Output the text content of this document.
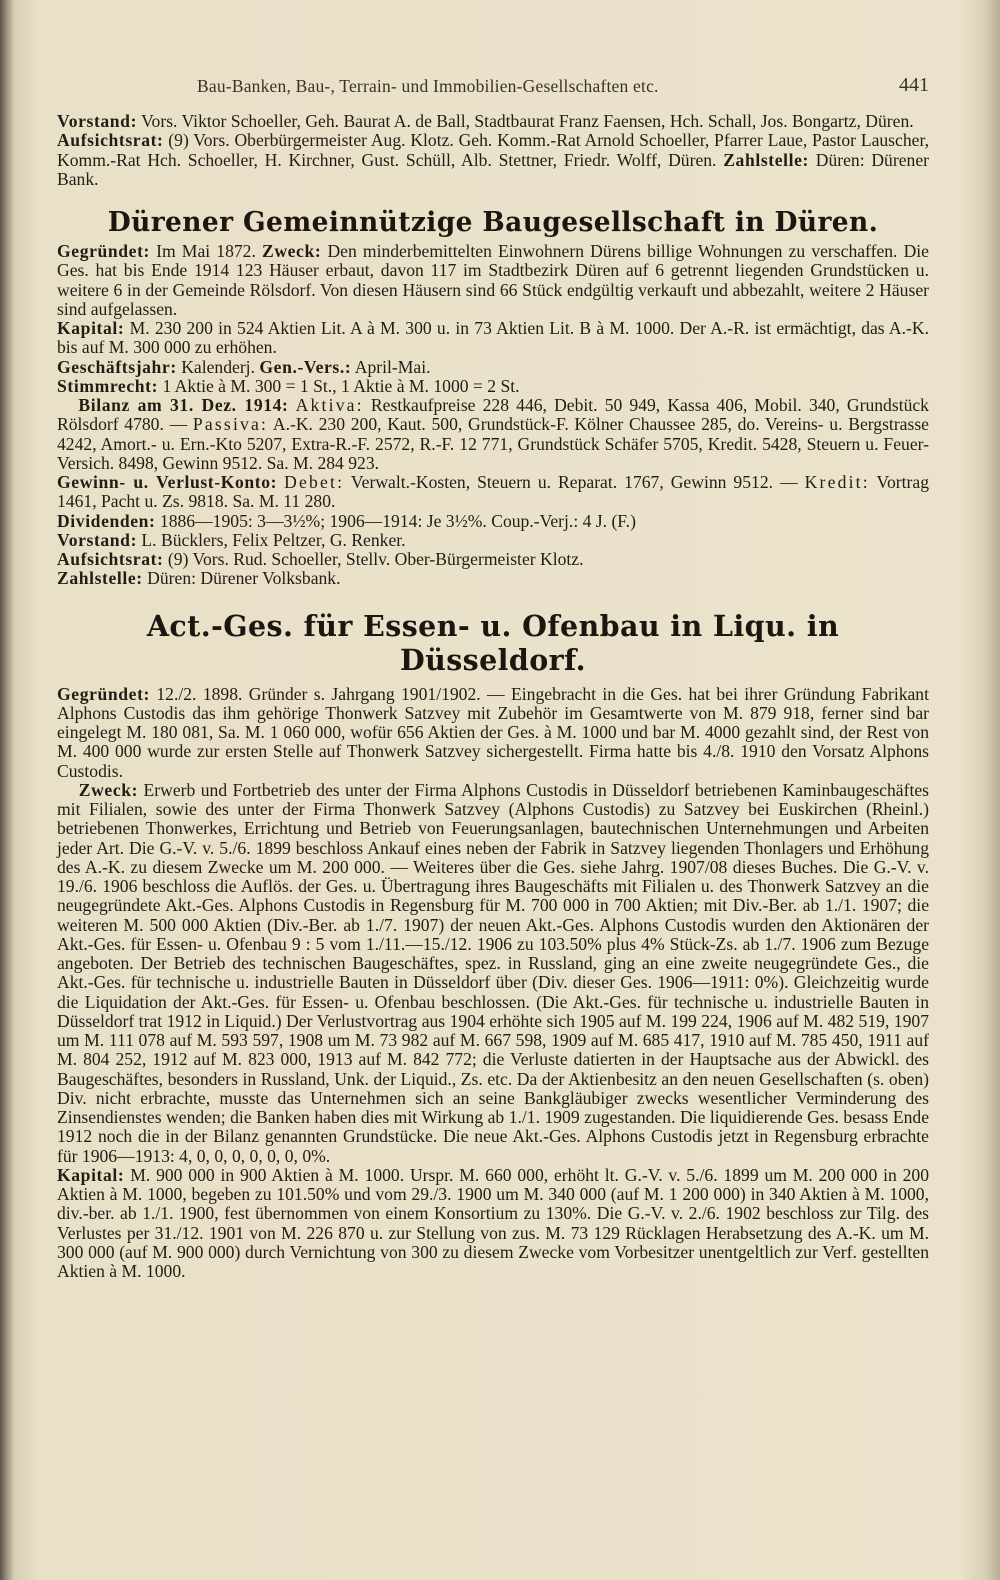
Bau-Banken, Bau-, Terrain- und Immobilien-Gesellschaften etc.	441

Vorstand: Vors. Viktor Schoeller, Geh. Baurat A. de Ball, Stadtbaurat Franz Faensen, Hch. Schall, Jos. Bongartz, Düren.

Aufsichtsrat: (9) Vors. Oberbürgermeister Aug. Klotz. Geh. Komm.-Rat Arnold Schoeller, Pfarrer Laue, Pastor Lauscher, Komm.-Rat Hch. Schoeller, H. Kirchner, Gust. Schüll, Alb. Stettner, Friedr. Wolff, Düren. Zahlstelle: Düren: Dürener Bank.

Dürener Gemeinnützige Baugesellschaft in Düren.

Gegründet: Im Mai 1872. Zweck: Den minderbemittelten Einwohnern Dürens billige Wohnungen zu verschaffen. Die Ges. hat bis Ende 1914 123 Häuser erbaut, davon 117 im Stadtbezirk Düren auf 6 getrennt liegenden Grundstücken u. weitere 6 in der Gemeinde Rölsdorf. Von diesen Häusern sind 66 Stück endgültig verkauft und abbezahlt, weitere 2 Häuser sind aufgelassen.

Kapital: M. 230 200 in 524 Aktien Lit. A à M. 300 u. in 73 Aktien Lit. B à M. 1000. Der A.-R. ist ermächtigt, das A.-K. bis auf M. 300 000 zu erhöhen.

Geschäftsjahr: Kalenderj. Gen.-Vers.: April-Mai.

Stimmrecht: 1 Aktie à M. 300 = 1 St., 1 Aktie à M. 1000 = 2 St.

Bilanz am 31. Dez. 1914: Aktiva: Restkaufpreise 228 446, Debit. 50 949, Kassa 406, Mobil. 340, Grundstück Rölsdorf 4780. — Passiva: A.-K. 230 200, Kaut. 500, Grundstück-F. Kölner Chaussee 285, do. Vereins- u. Bergstrasse 4242, Amort.- u. Ern.-Kto 5207, Extra-R.-F. 2572, R.-F. 12 771, Grundstück Schäfer 5705, Kredit. 5428, Steuern u. Feuer-Versich. 8498, Gewinn 9512. Sa. M. 284 923.

Gewinn- u. Verlust-Konto: Debet: Verwalt.-Kosten, Steuern u. Reparat. 1767, Gewinn 9512. — Kredit: Vortrag 1461, Pacht u. Zs. 9818. Sa. M. 11 280.

Dividenden: 1886—1905: 3—3½%; 1906—1914: Je 3½%. Coup.-Verj.: 4 J. (F.)

Vorstand: L. Bücklers, Felix Peltzer, G. Renker.

Aufsichtsrat: (9) Vors. Rud. Schoeller, Stellv. Ober-Bürgermeister Klotz.

Zahlstelle: Düren: Dürener Volksbank.

Act.-Ges. für Essen- u. Ofenbau in Liqu. in Düsseldorf.

Gegründet: 12./2. 1898. Gründer s. Jahrgang 1901/1902. — Eingebracht in die Ges. hat bei ihrer Gründung Fabrikant Alphons Custodis das ihm gehörige Thonwerk Satzvey mit Zubehör im Gesamtwerte von M. 879 918, ferner sind bar eingelegt M. 180 081, Sa. M. 1 060 000, wofür 656 Aktien der Ges. à M. 1000 und bar M. 4000 gezahlt sind, der Rest von M. 400 000 wurde zur ersten Stelle auf Thonwerk Satzvey sichergestellt. Firma hatte bis 4./8. 1910 den Vorsatz Alphons Custodis.

Zweck: Erwerb und Fortbetrieb des unter der Firma Alphons Custodis in Düsseldorf betriebenen Kaminbaugeschäftes mit Filialen, sowie des unter der Firma Thonwerk Satzvey (Alphons Custodis) zu Satzvey bei Euskirchen (Rheinl.) betriebenen Thonwerkes, Errichtung und Betrieb von Feuerungsanlagen, bautechnischen Unternehmungen und Arbeiten jeder Art. Die G.-V. v. 5./6. 1899 beschloss Ankauf eines neben der Fabrik in Satzvey liegenden Thonlagers und Erhöhung des A.-K. zu diesem Zwecke um M. 200 000. — Weiteres über die Ges. siehe Jahrg. 1907/08 dieses Buches. Die G.-V. v. 19./6. 1906 beschloss die Auflös. der Ges. u. Übertragung ihres Baugeschäfts mit Filialen u. des Thonwerk Satzvey an die neugegründete Akt.-Ges. Alphons Custodis in Regensburg für M. 700 000 in 700 Aktien; mit Div.-Ber. ab 1./1. 1907; die weiteren M. 500 000 Aktien (Div.-Ber. ab 1./7. 1907) der neuen Akt.-Ges. Alphons Custodis wurden den Aktionären der Akt.-Ges. für Essen- u. Ofenbau 9 : 5 vom 1./11.—15./12. 1906 zu 103.50% plus 4% Stück-Zs. ab 1./7. 1906 zum Bezuge angeboten. Der Betrieb des technischen Baugeschäftes, spez. in Russland, ging an eine zweite neugegründete Ges., die Akt.-Ges. für technische u. industrielle Bauten in Düsseldorf über (Div. dieser Ges. 1906—1911: 0%). Gleichzeitig wurde die Liquidation der Akt.-Ges. für Essen- u. Ofenbau beschlossen. (Die Akt.-Ges. für technische u. industrielle Bauten in Düsseldorf trat 1912 in Liquid.) Der Verlustvortrag aus 1904 erhöhte sich 1905 auf M. 199 224, 1906 auf M. 482 519, 1907 um M. 111 078 auf M. 593 597, 1908 um M. 73 982 auf M. 667 598, 1909 auf M. 685 417, 1910 auf M. 785 450, 1911 auf M. 804 252, 1912 auf M. 823 000, 1913 auf M. 842 772; die Verluste datierten in der Hauptsache aus der Abwickl. des Baugeschäftes, besonders in Russland, Unk. der Liquid., Zs. etc. Da der Aktienbesitz an den neuen Gesellschaften (s. oben) Div. nicht erbrachte, musste das Unternehmen sich an seine Bankgläubiger zwecks wesentlicher Verminderung des Zinsendienstes wenden; die Banken haben dies mit Wirkung ab 1./1. 1909 zugestanden. Die liquidierende Ges. besass Ende 1912 noch die in der Bilanz genannten Grundstücke. Die neue Akt.-Ges. Alphons Custodis jetzt in Regensburg erbrachte für 1906—1913: 4, 0, 0, 0, 0, 0, 0, 0%.

Kapital: M. 900 000 in 900 Aktien à M. 1000. Urspr. M. 660 000, erhöht lt. G.-V. v. 5./6. 1899 um M. 200 000 in 200 Aktien à M. 1000, begeben zu 101.50% und vom 29./3. 1900 um M. 340 000 (auf M. 1 200 000) in 340 Aktien à M. 1000, div.-ber. ab 1./1. 1900, fest übernommen von einem Konsortium zu 130%. Die G.-V. v. 2./6. 1902 beschloss zur Tilg. des Verlustes per 31./12. 1901 von M. 226 870 u. zur Stellung von zus. M. 73 129 Rücklagen Herabsetzung des A.-K. um M. 300 000 (auf M. 900 000) durch Vernichtung von 300 zu diesem Zwecke vom Vorbesitzer unentgeltlich zur Verf. gestellten Aktien à M. 1000.
